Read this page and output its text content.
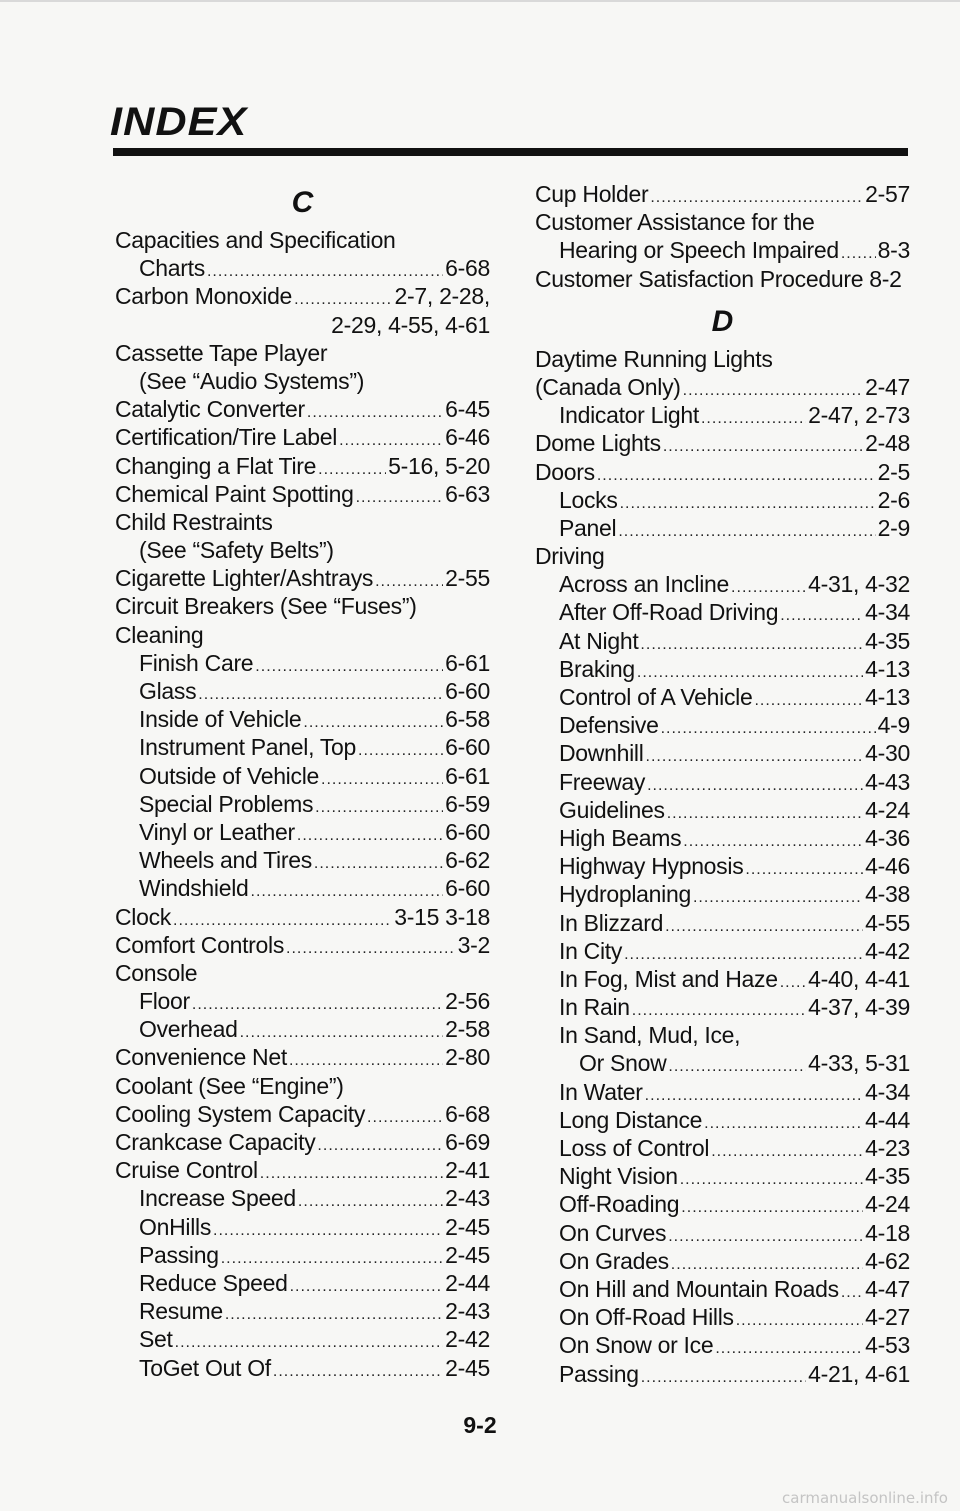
INDEX
C
Capacities and Specification
Charts .....	6-68
Carbon Monoxide .....	2-7, 2-28,
2-29, 4-55, 4-61
Cassette Tape Player
(See “Audio Systems”)
Catalytic Converter .....	6-45
Certification/Tire Label .....	6-46
Changing a Flat Tire .....	5-16, 5-20
Chemical Paint Spotting .....	6-63
Child Restraints
(See “Safety Belts”)
Cigarette Lighter/Ashtrays .....	2-55
Circuit Breakers (See “Fuses”)
Cleaning
Finish Care .....	6-61
Glass .....	6-60
Inside of Vehicle .....	6-58
Instrument Panel, Top .....	6-60
Outside of Vehicle .....	6-61
Special Problems .....	6-59
Vinyl or Leather .....	6-60
Wheels and Tires .....	6-62
Windshield .....	6-60
Clock .....	3-15 3-18
Comfort Controls .....	3-2
Console
Floor .....	2-56
Overhead .....	2-58
Convenience Net .....	2-80
Coolant (See “Engine”)
Cooling System Capacity .....	6-68
Crankcase Capacity .....	6-69
Cruise Control .....	2-41
Increase Speed .....	2-43
OnHills .....	2-45
Passing .....	2-45
Reduce Speed .....	2-44
Resume .....	2-43
Set .....	2-42
ToGet Out Of .....	2-45
Cup Holder .....	2-57
Customer Assistance for the
Hearing or Speech Impaired ..... 8-3
Customer Satisfaction Procedure 8-2
D
Daytime Running Lights
(Canada Only) .....	2-47
Indicator Light .....	2-47, 2-73
Dome Lights .....	2-48
Doors .....	2-5
Locks .....	2-6
Panel .....	2-9
Driving
Across an Incline .....	4-31, 4-32
After Off-Road Driving .....	4-34
At Night .....	4-35
Braking .....	4-13
Control of A Vehicle .....	4-13
Defensive .....	4-9
Downhill .....	4-30
Freeway .....	4-43
Guidelines .....	4-24
High Beams .....	4-36
Highway Hypnosis .....	4-46
Hydroplaning .....	4-38
In Blizzard .....	4-55
In City .....	4-42
In Fog, Mist and Haze ..... 4-40, 4-41
In Rain .....	4-37, 4-39
In Sand, Mud, Ice,
Or Snow .....	4-33, 5-31
In Water .....	4-34
Long Distance .....	4-44
Loss of Control .....	4-23
Night Vision .....	4-35
Off-Roading .....	4-24
On Curves .....	4-18
On Grades .....	4-62
On Hill and Mountain Roads ..... 4-47
On Off-Road Hills .....	4-27
On Snow or Ice .....	4-53
Passing .....	4-21, 4-61
9-2
carmanualsonline.info
